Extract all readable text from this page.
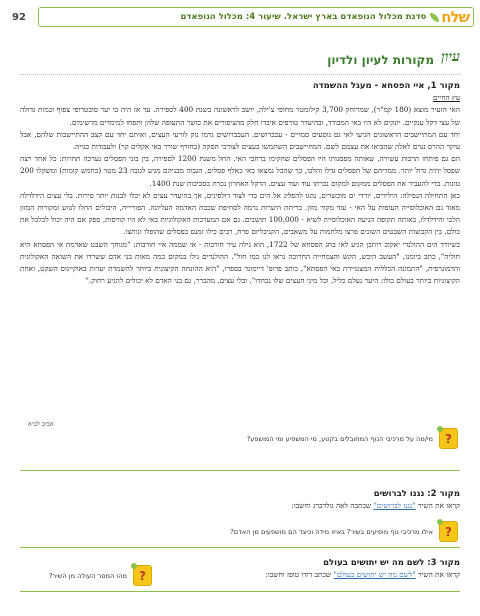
92	סדנת מכלול הנופאדם בארץ ישראל. שיעור 4: מכלול הנופאדם שלח
עיון
מקורות לעיון ולדיון

מקור 1, איי הפסחא - מעגל ההשמדה

עץ החיים

האי הזעיר מוצא (180 קמ"ר), שמרוחק 3,700 קילומטר מחופי צ'ילה, יושב לראשונה בשנת 400 לספירה. עד אז היה בו יער סובטרופי צפוף וכמות גדולה של עצי דקל ענקיים. יונקים לא היו באי המבודד, ובהיעדר טורפים איבדו חלק מהציפורים את כושר התעופה שלהן ותפחו למימדים מרשימים.

יחד עם המתיישבים הראשונים הגיעו לאי גם נוסעים סמויים - עכברושים. העכברושים גרמו נזק לזרעי העצים, ואיתם יחד עם קצב ההתיישבות שלהם, אבל עיקר ההרס נגרם לאלה שהביאו את עצמם לשם. המתיישבים השתמשו בעצים לצורכי הסקה (בחורף שורר באי אקלים קר) ולעבודות בנייה.

הם גם פיתחו תרבות עשירה, שאותה מפסנותו היו הפסלים שהקימו ברחבי האי. החל משנת 1200 לספירה, בין בוני הפסלים נערכה תחרות: כל אחד רצה שפסל יהיה גדול יותר. ממדיהם של הפסלים גדלו והלכו, כך שהכל נמצאו באי כאלף פסלים, הגבוה מבניהם מגיע לגובה 23 מטר (כחמש קומות) ומשקלו 200 טונות. כדי להעביר את הפסלים ממקום למקום נכרתו עוד ועוד עצים. הדקל האחרון נכרת בסביבות שנת 1400.

כאן התחילה הנפילה: הילידים, יורדי ים מוכשרים, נהגו להפליג אל הים כדי לצוד דולפינים, אך בהיעדר עצים לא יכלו לבנות יותר סירות. בלי עצים הידלדלה מאוד גם האוכלוסייה העופות על האי - עוד מקור מזון. כריתת היערות גרמה לסחיפת שכבת האדמה העליונה. הפוריייה, היבולים החלו לגווע ומקורות המזון הלכו והידלדלו, באותה תקופה הגיעה האוכלוסייה לשיא - 100,000 תושבים. גם אם המערכות האקולוגיות באי לא היו קורסות, ספק אם היה יכול לכלכל את כולם. בין הקבוצות השבטים השונים פרצו מלחמות על משאבים, הקניבליזם פרח, רבים כילו זמנם בפסלים שהופלו ונותצו.

כשיורד הים ההולנדי יאקוב רוחבן הגיע לאי בחג הפסחא של 1722, הוא גילה עיר חורבות - אי שממה איי חורבות: "מגוחך השבט שאדמת אי הפסחא היא חוליה", כתב ביומנו, "העשב היבש, הקש והצמחייה החרוכה נראו לנו כמו חול". ההולנדים גילו במקום כמה מאות בני אדם ששרדו את השואה האקולוגית והדמוגרפית, "התמונה הכללית המצטיירת באי הפסחא", כותב פרופ' דיימונד בספרו, "היא ההזנחה הקיצונית ביותר להשמדת יערות באוקיינוס השקט, ואחת הקיצוניות ביותר בעולם כולו: היער נעלם כליל, וכל מיני העצים שלו נכחדו". ובלי עצים, מהברר, גם בני האדם לא יכולים להגיע רחוק."

אביב לביא
?
מי/מה על מרכיבי הנוף המחובלים בקטע, מי המשפיע ומי המושפע?

מקור 2: נגנו לברושים

קראו את השיר "נגנו לברושים" שכתבה לאה גולדברג וחשבו:

?
אילו מרכיבי נוף מופיעים בשיר? באיזו מידה וכיצד הם מושפעים מן האדם?

מקור 3: לשם מה יש יתושים בעולם

קראו את השיר "לשם מה יש יתושים בעולם" שכתב דודו טופז וחשבו:

?
מהו המסר העולה מן השיר?
